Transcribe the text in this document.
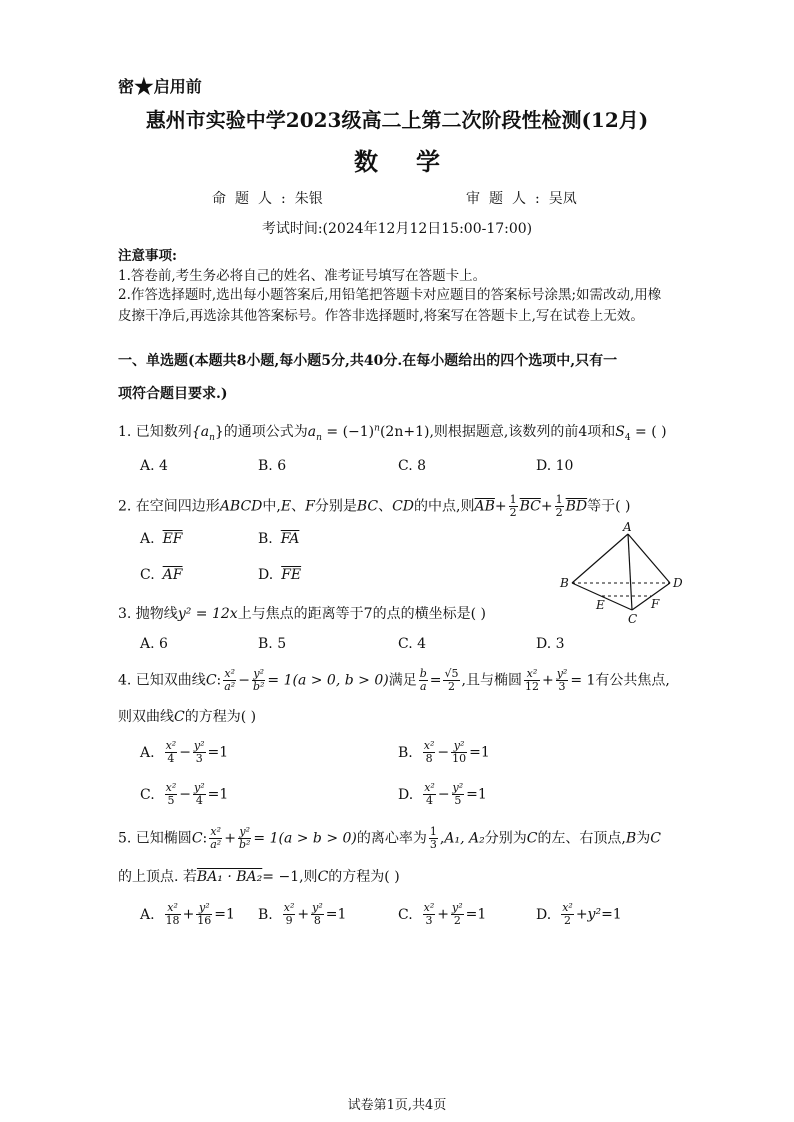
密★启用前
惠州市实验中学2023级高二上第二次阶段性检测(12月)
数学
命题人:朱银	审题人:吴凤
考试时间:(2024年12月12日15:00-17:00)
注意事项:
1.答卷前,考生务必将自己的姓名、准考证号填写在答题卡上。
2.作答选择题时,选出每小题答案后,用铅笔把答题卡对应题目的答案标号涂黑;如需改动,用橡皮擦干净后,再选涂其他答案标号。作答非选择题时,将案写在答题卡上,写在试卷上无效。
一、单选题(本题共8小题,每小题5分,共40分.在每小题给出的四个选项中,只有一
项符合题目要求.)
1. 已知数列$\{a_n\}$的通项公式为$a_n = (-1)^n(2n+1)$,则根据题意,该数列的前4项和$S_4$ = ( )
A. 4	B. 6	C. 8	D. 10
2. 在空间四边形ABCD中,E、F分别是BC、CD的中点,则$\overline{AB}+ \frac{1}{2} \overline{BC}+ \frac{1}{2} \overline{BD}$等于( )
A. $\overline{EF}$	B. $\overline{FA}$
C. $\overline{AF}$	D. $\overline{FE}$
A
B
C
D
E	F
3. 抛物线y² = 12x上与焦点的距离等于7的点的横坐标是( )
A. 6	B. 5	C. 4	D. 3
4. 已知双曲线C: $\frac{\text{x²}}{\text{a²}} - \frac{\text{y²}}{\text{b²}} = 1(a > 0$, b > 0)满足 $\frac{b}{a} = \frac{√5}{2}$ ,且与椭圆 $\frac{\text{x²}}{12} + \frac{\text{y²}}{3} = 1$有公共焦点,
则双曲线C的方程为( )
A. $\frac{\text{x²}}{4} - \frac{\text{y²}}{3} =1$	B. $\frac{\text{x²}}{8} - \frac{\text{y²}}{10} =1$
C. $\frac{\text{x²}}{5} - \frac{\text{y²}}{4} =1$	D. $\frac{\text{x²}}{4} - \frac{\text{y²}}{5} =1$
5. 已知椭圆C: $\frac{\text{x²}}{\text{a²}} + \frac{\text{y²}}{\text{b²}} = 1(a > b > 0)$的离心率为 $\frac{1}{3} ,A_1$, A₂分别为C的左、右顶点,B为C
的上顶点. 若BA₁ · BA₂= −1,则C的方程为( )
A. $\frac{\text{x²}}{18} + \frac{\text{y²}}{16} =1$ B. $\frac{\text{x²}}{9} + \frac{\text{y²}}{8} =1$	C. $\frac{\text{x²}}{3} + \frac{\text{y²}}{2} =1$	D. $\frac{\text{x²}}{2} +y^2=1$
试卷第1页,共4页
